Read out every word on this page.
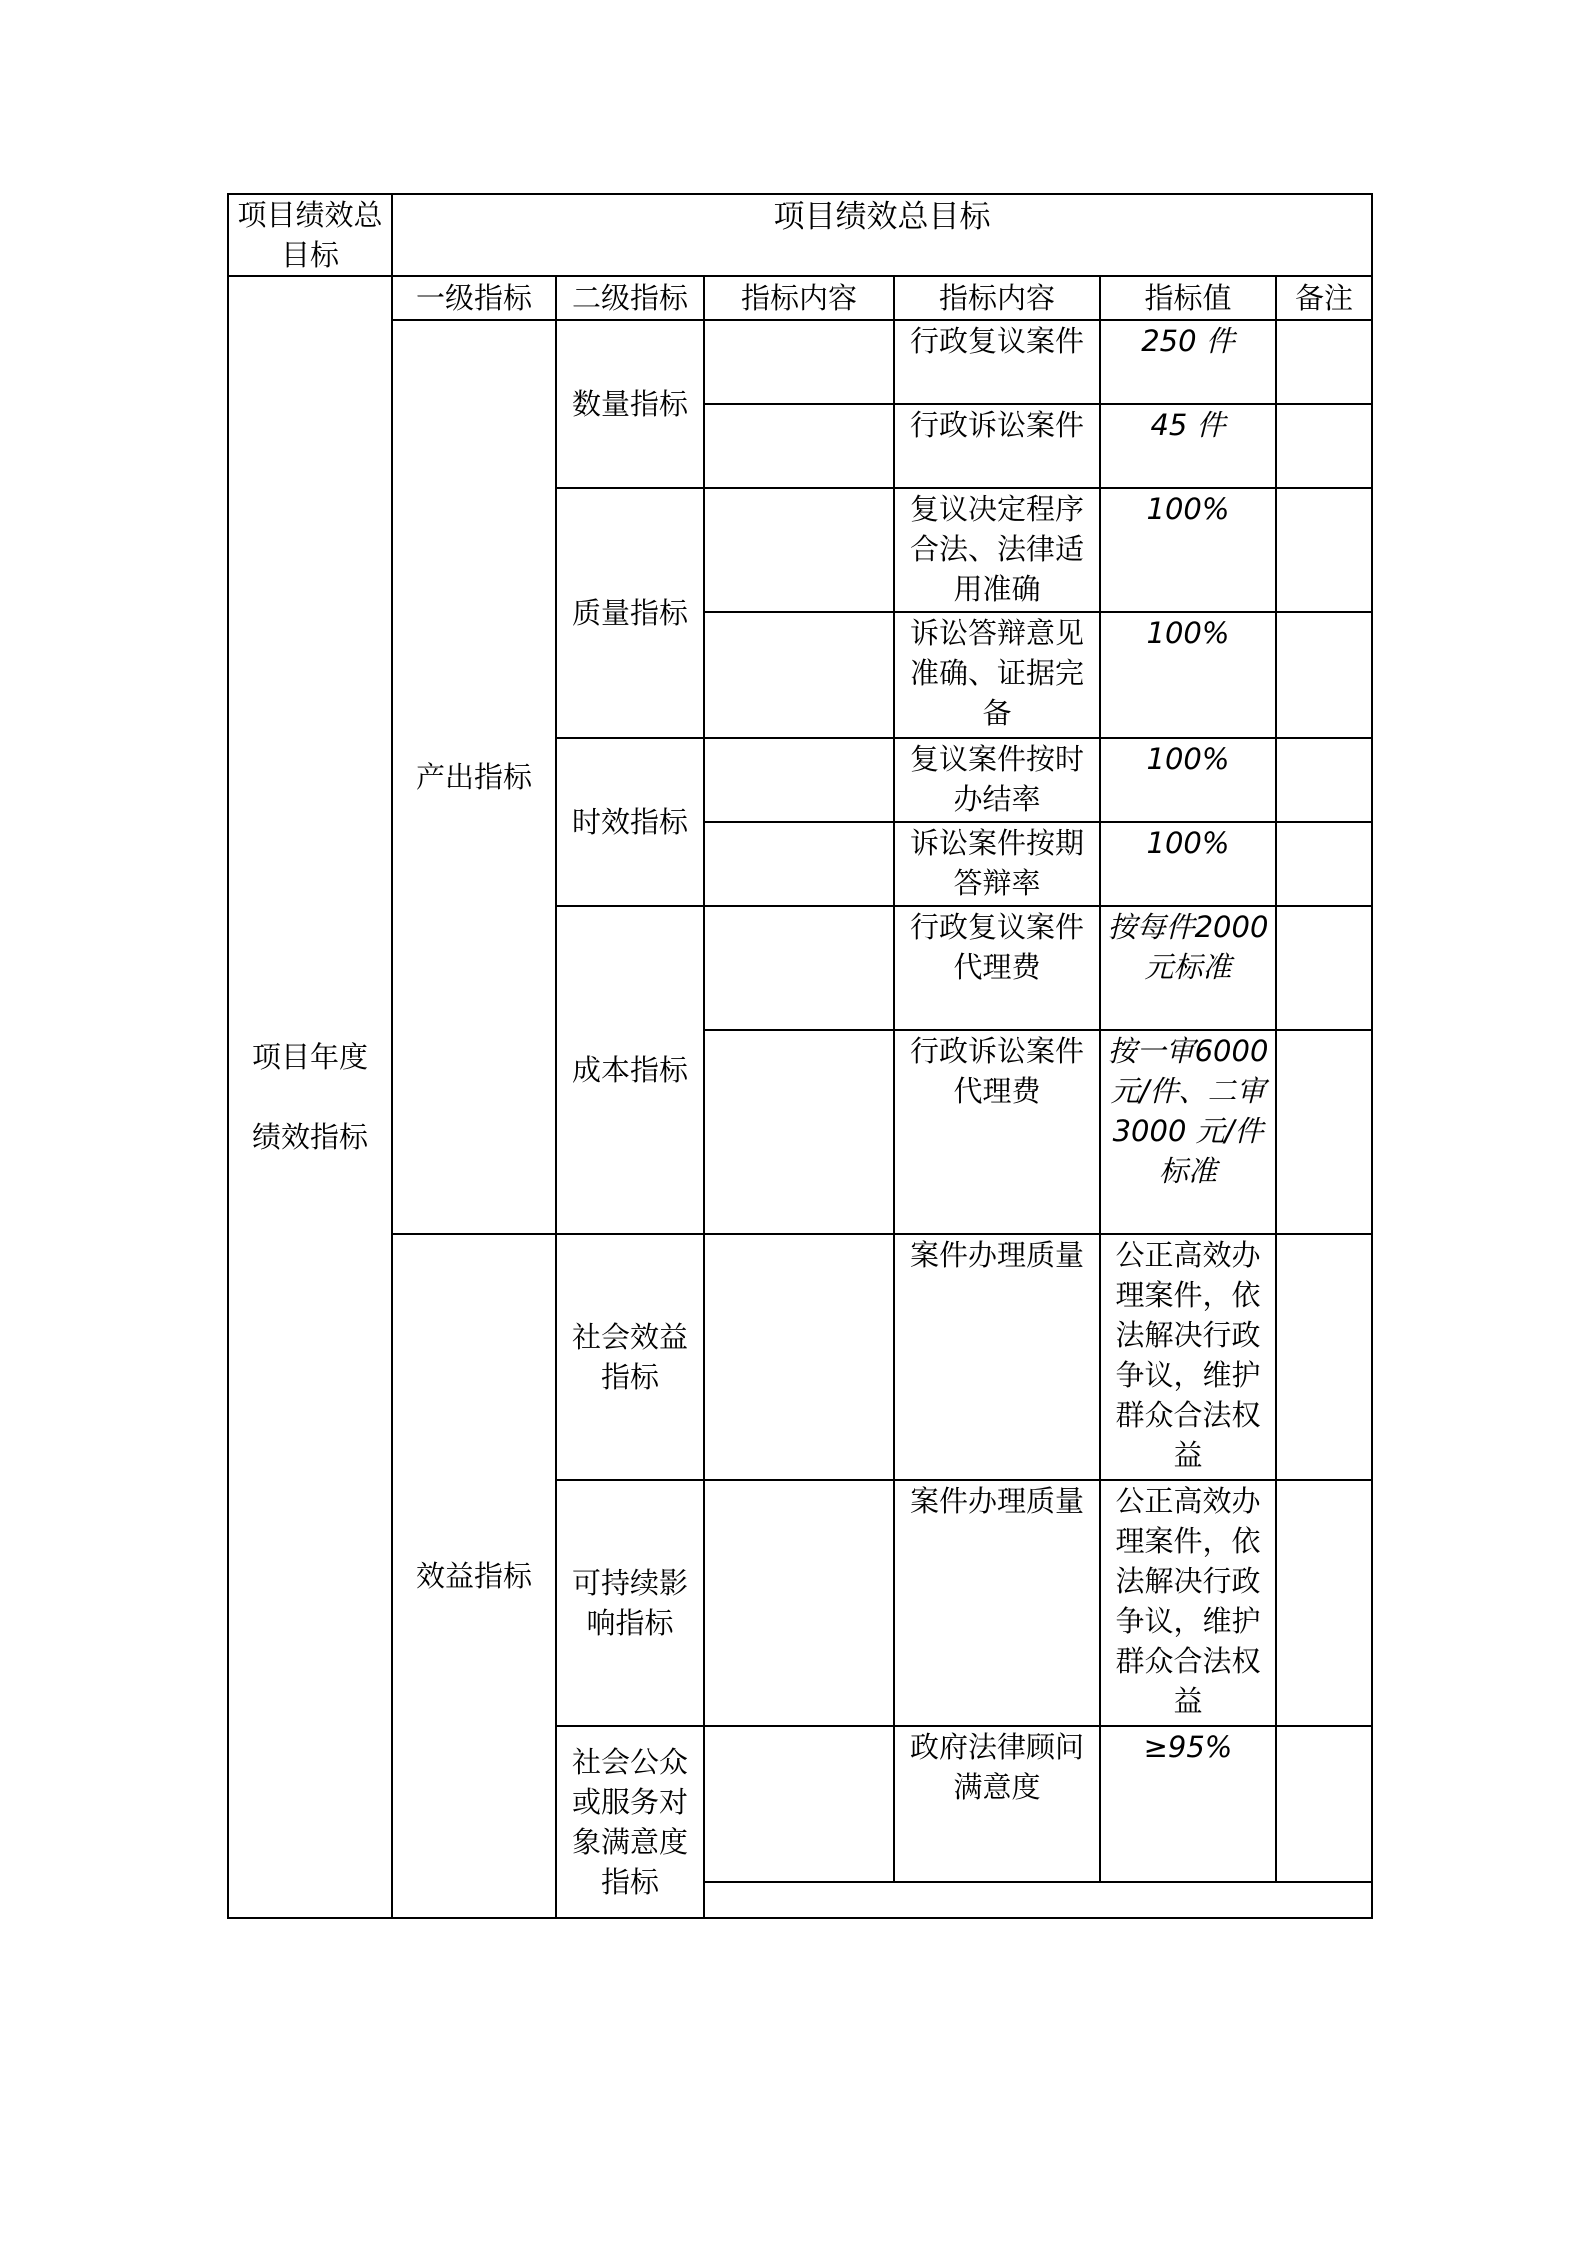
项目绩效总目标	项目绩效总目标					

项目年度
绩效指标	一级指标	二级指标	指标内容	指标内容	指标值	备注
	产出指标	数量指标		行政复议案件	250 件	
				行政诉讼案件	45 件	
		质量指标		复议决定程序合法、法律适用准确	100%	
				诉讼答辩意见准确、证据完备	100%	
		时效指标		复议案件按时办结率	100%	
				诉讼案件按期答辩率	100%	
		成本指标		行政复议案件代理费	按每件2000 元标准	
				行政诉讼案件代理费	按一审6000 元/件、二审3000 元/件标准	
	效益指标	社会效益指标		案件办理质量	公正高效办理案件，依法解决行政争议，维护群众合法权益	
		可持续影响指标		案件办理质量	公正高效办理案件，依法解决行政争议，维护群众合法权益	
		社会公众或服务对象满意度指标		政府法律顾问满意度	≥95%	
